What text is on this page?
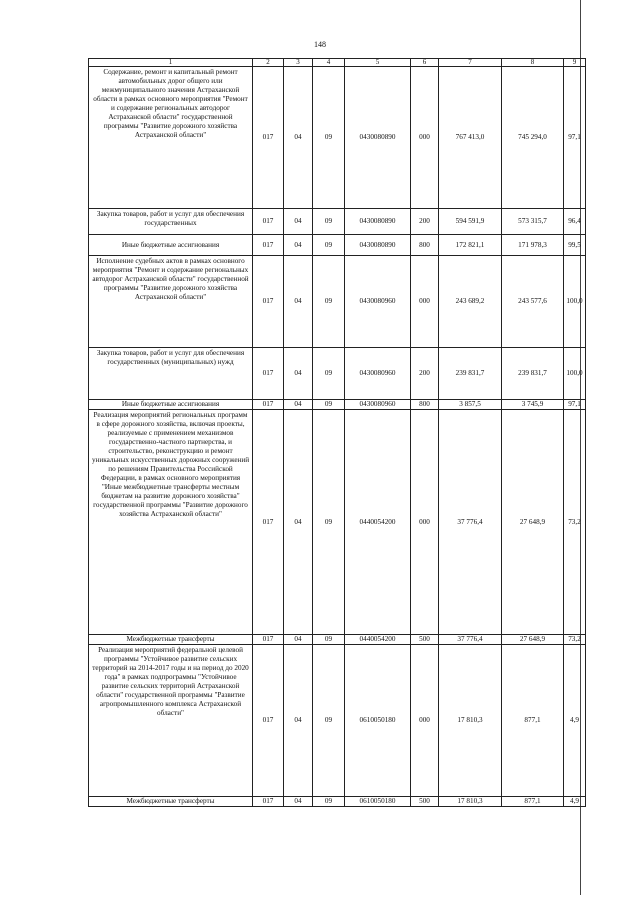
148
1	2	3	4	5	6	7	8	9
Содержание, ремонт и капитальный ремонт автомобильных дорог общего или межмуниципального значения Астраханской области в рамках основного мероприятия "Ремонт и содержание региональных автодорог Астраханской области" государственной программы "Развитие дорожного хозяйства Астраханской области"	017	04	09	0430080890	000	767 413,0	745 294,0	97,1
Закупка товаров, работ и услуг для обеспечения государственных	017	04	09	0430080890	200	594 591,9	573 315,7	96,4
Иные бюджетные ассигнования	017	04	09	0430080890	800	172 821,1	171 978,3	99,5
Исполнение судебных актов в рамках основного мероприятия "Ремонт и содержание региональных автодорог Астраханской области" государственной программы "Развитие дорожного хозяйства Астраханской области"	017	04	09	0430080960	000	243 689,2	243 577,6	100,0
Закупка товаров, работ и услуг для обеспечения государственных (муниципальных) нужд	017	04	09	0430080960	200	239 831,7	239 831,7	100,0
Иные бюджетные ассигнования	017	04	09	0430080960	800	3 857,5	3 745,9	97,1
Реализация мероприятий региональных программ в сфере дорожного хозяйства, включая проекты, реализуемые с применением механизмов государственно-частного партнерства, и строительство, реконструкцию и ремонт уникальных искусственных дорожных сооружений по решениям Правительства Российской Федерации, в рамках основного мероприятия "Иные межбюджетные трансферты местным бюджетам на развитие дорожного хозяйства" государственной программы "Развитие дорожного хозяйства Астраханской области"	017	04	09	0440054200	000	37 776,4	27 648,9	73,2
Межбюджетные трансферты	017	04	09	0440054200	500	37 776,4	27 648,9	73,2
Реализация мероприятий федеральной целевой программы "Устойчивое развитие сельских территорий на 2014-2017 годы и на период до 2020 года" в рамках подпрограммы "Устойчивое развитие сельских территорий Астраханской области" государственной программы "Развитие агропромышленного комплекса Астраханской области"	017	04	09	0610050180	000	17 810,3	877,1	4,9
Межбюджетные трансферты	017	04	09	0610050180	500	17 810,3	877,1	4,9
